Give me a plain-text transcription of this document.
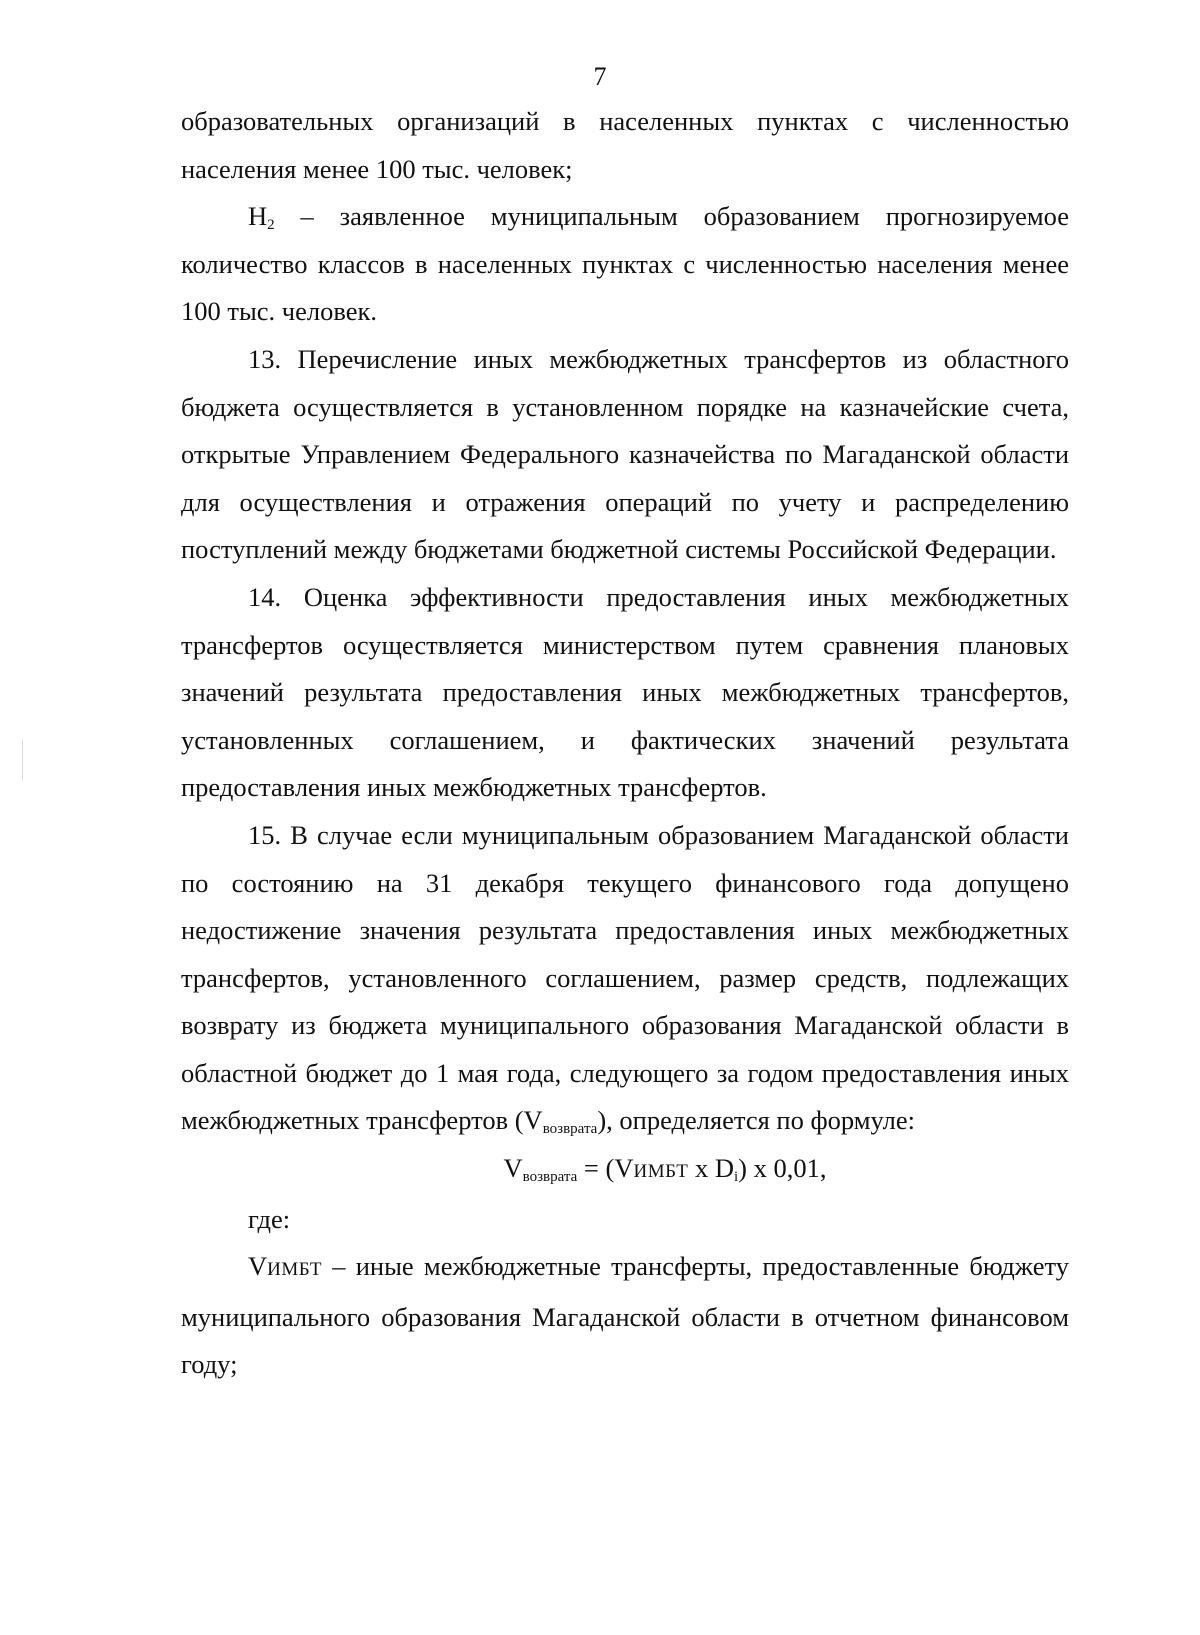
7

образовательных организаций в населенных пунктах с численностью населения менее 100 тыс. человек;

$Н_2$ – заявленное муниципальным образованием прогнозируемое количество классов в населенных пунктах с численностью населения менее 100 тыс. человек.

13. Перечисление иных межбюджетных трансфертов из областного бюджета осуществляется в установленном порядке на казначейские счета, открытые Управлением Федерального казначейства по Магаданской области для осуществления и отражения операций по учету и распределению поступлений между бюджетами бюджетной системы Российской Федерации.

14. Оценка эффективности предоставления иных межбюджетных трансфертов осуществляется министерством путем сравнения плановых значений результата предоставления иных межбюджетных трансфертов, установленных соглашением, и фактических значений результата предоставления иных межбюджетных трансфертов.

15. В случае если муниципальным образованием Магаданской области по состоянию на 31 декабря текущего финансового года допущено недостижение значения результата предоставления иных межбюджетных трансфертов, установленного соглашением, размер средств, подлежащих возврату из бюджета муниципального образования Магаданской области в областной бюджет до 1 мая года, следующего за годом предоставления иных межбюджетных трансфертов $(V_{возврата})$, определяется по формуле:

$V_{возврата}$ = (VИМБТ x $D_i$) x 0,01,

где:

VИМБТ – иные межбюджетные трансферты, предоставленные бюджету муниципального образования Магаданской области в отчетном финансовом году;
